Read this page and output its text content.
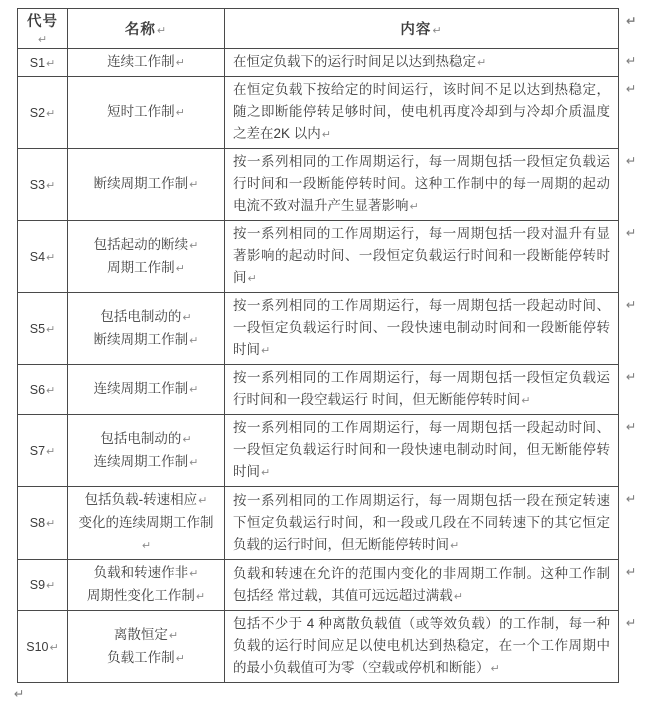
代号↵	名称↵	内容↵	↵
S1↵	连续工作制↵	在恒定负载下的运行时间足以达到热稳定↵	↵
S2↵	短时工作制↵	在恒定负载下按给定的时间运行，该时间不足以达到热稳定，随之即断能停转足够时间，使电机再度冷却到与冷却介质温度之差在2K 以内↵	↵
S3↵	断续周期工作制↵	按一系列相同的工作周期运行，每一周期包括一段恒定负载运行时间和一段断能停转时间。这种工作制中的每一周期的起动电流不致对温升产生显著影响↵	↵
S4↵	包括起动的断续↵
周期工作制↵	按一系列相同的工作周期运行，每一周期包括一段对温升有显著影响的起动时间、一段恒定负载运行时间和一段断能停转时间↵	↵
S5↵	包括电制动的↵
断续周期工作制↵	按一系列相同的工作周期运行，每一周期包括一段起动时间、一段恒定负载运行时间、一段快速电制动时间和一段断能停转时间↵	↵
S6↵	连续周期工作制↵	按一系列相同的工作周期运行，每一周期包括一段恒定负载运行时间和一段空载运行 时间，但无断能停转时间↵	↵
S7↵	包括电制动的↵
连续周期工作制↵	按一系列相同的工作周期运行，每一周期包括一段起动时间、一段恒定负载运行时间和一段快速电制动时间，但无断能停转时间↵	↵
S8↵	包括负载-转速相应↵
变化的连续周期工作制↵	按一系列相同的工作周期运行，每一周期包括一段在预定转速下恒定负载运行时间，和一段或几段在不同转速下的其它恒定负载的运行时间，但无断能停转时间↵	↵
S9↵	负载和转速作非↵
周期性变化工作制↵	负载和转速在允许的范围内变化的非周期工作制。这种工作制包括经 常过载，其值可远远超过满载↵	↵
S10↵	离散恒定↵
负载工作制↵	包括不少于 4 种离散负载值（或等效负载）的工作制，每一种负载的运行时间应足以使电机达到热稳定，在一个工作周期中的最小负载值可为零（空载或停机和断能）↵	↵
↵
